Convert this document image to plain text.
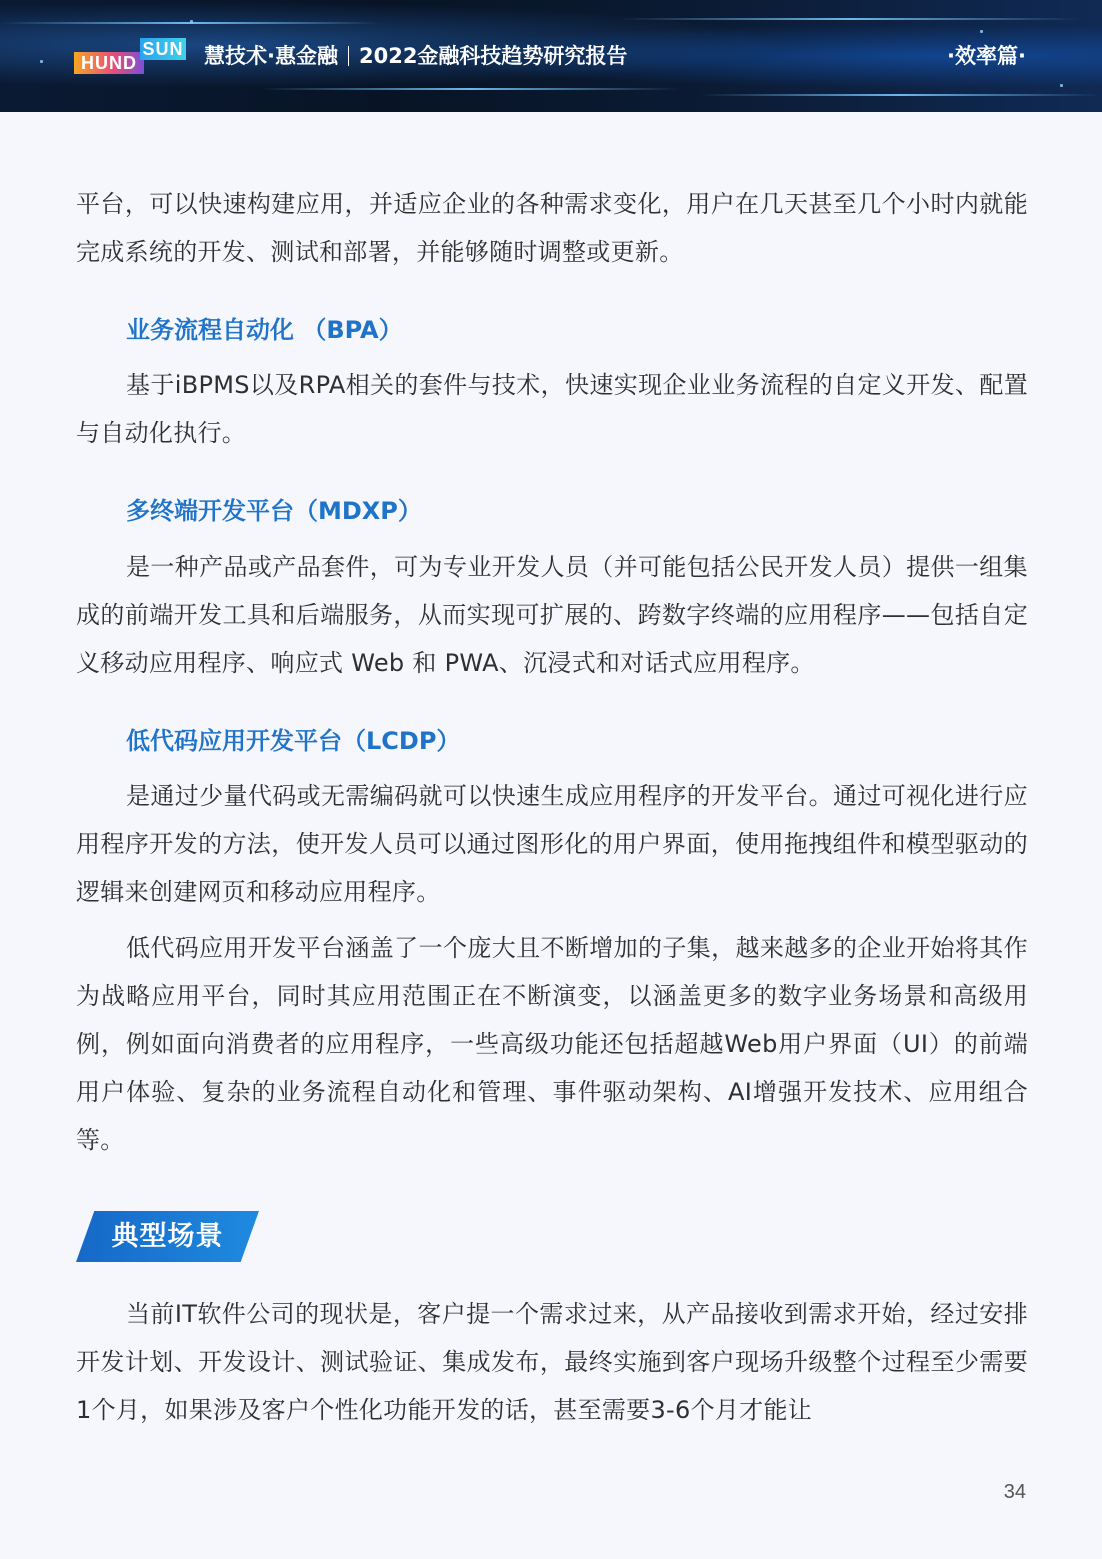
HUND
SUN 慧技术·惠金融 2022金融科技趋势研究报告	·效率篇·
平台，可以快速构建应用，并适应企业的各种需求变化，用户在几天甚至几个小时内就能完成系统的开发、测试和部署，并能够随时调整或更新。
业务流程自动化 （BPA）
基于iBPMS以及RPA相关的套件与技术，快速实现企业业务流程的自定义开发、配置与自动化执行。
多终端开发平台（MDXP）
是一种产品或产品套件，可为专业开发人员（并可能包括公民开发人员）提供一组集成的前端开发工具和后端服务，从而实现可扩展的、跨数字终端的应用程序——包括自定义移动应用程序、响应式 Web 和 PWA、沉浸式和对话式应用程序。
低代码应用开发平台（LCDP）
是通过少量代码或无需编码就可以快速生成应用程序的开发平台。通过可视化进行应用程序开发的方法，使开发人员可以通过图形化的用户界面，使用拖拽组件和模型驱动的逻辑来创建网页和移动应用程序。
低代码应用开发平台涵盖了一个庞大且不断增加的子集，越来越多的企业开始将其作为战略应用平台，同时其应用范围正在不断演变，以涵盖更多的数字业务场景和高级用例，例如面向消费者的应用程序，一些高级功能还包括超越Web用户界面（UI）的前端用户体验、复杂的业务流程自动化和管理、事件驱动架构、AI增强开发技术、应用组合等。
当前IT软件公司的现状是，客户提一个需求过来，从产品接收到需求开始，经过安排开发计划、开发设计、测试验证、集成发布，最终实施到客户现场升级整个过程至少需要1个月，如果涉及客户个性化功能开发的话，甚至需要3-6个月才能让
典型场景
34
